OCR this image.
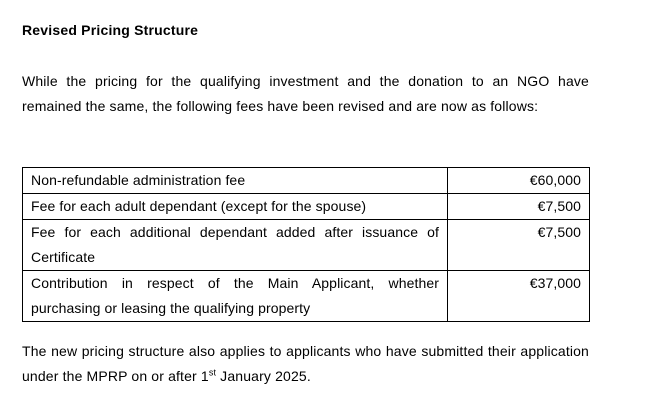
Revised Pricing Structure

While the pricing for the qualifying investment and the donation to an NGO have remained the same, the following fees have been revised and are now as follows:

Non-refundable administration fee	€60,000
Fee for each adult dependant (except for the spouse)	€7,500
Fee for each additional dependant added after issuance of Certificate	€7,500
Contribution in respect of the Main Applicant, whether purchasing or leasing the qualifying property	€37,000

The new pricing structure also applies to applicants who have submitted their application under the MPRP on or after 1st January 2025.
